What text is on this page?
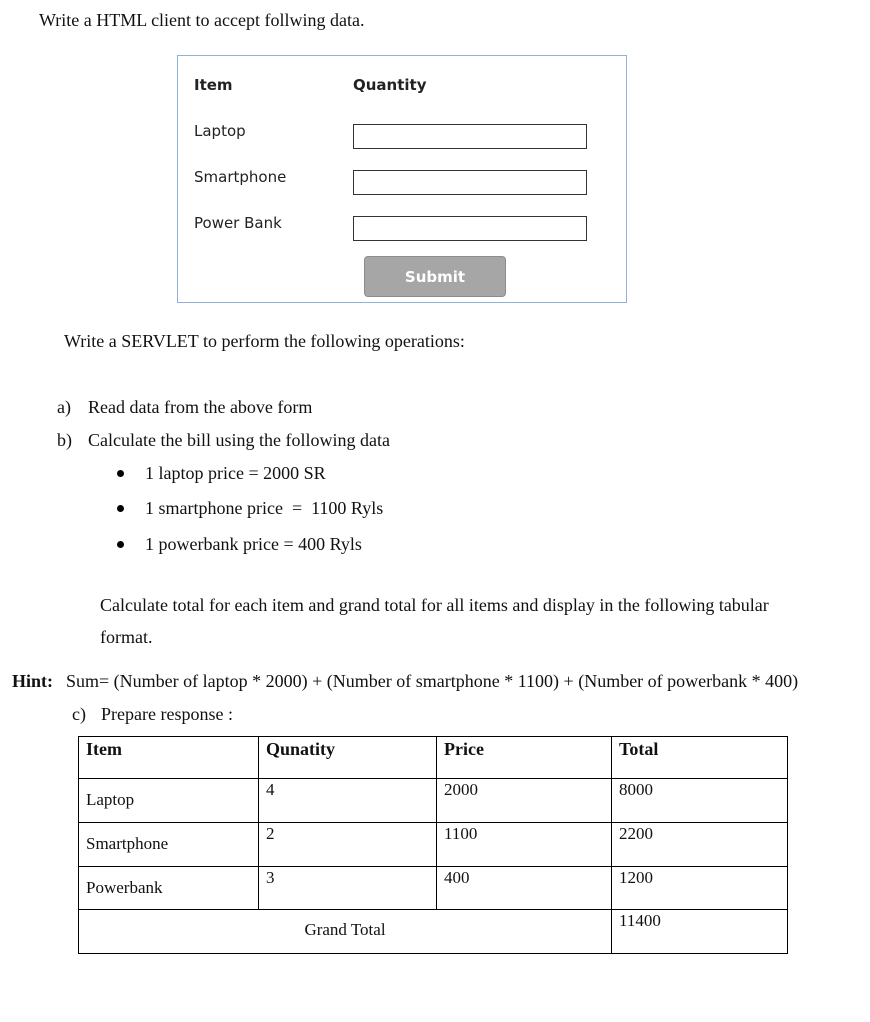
Write a HTML client to accept follwing data.
Item	Quantity
Laptop
Smartphone
Power Bank
Submit
Write a SERVLET to perform the following operations:
a) Read data from the above form
b) Calculate the bill using the following data
1 laptop price = 2000 SR
1 smartphone price  =  1100 Ryls
1 powerbank price = 400 Ryls
Calculate total for each item and grand total for all items and display in the following tabular
format.
Hint: Sum= (Number of laptop * 2000) + (Number of smartphone * 1100) + (Number of powerbank * 400)
c) Prepare response :
Item	Qunatity	Price	Total
Laptop	4	2000	8000
Smartphone	2	1100	2200
Powerbank	3	400	1200
Grand Total			11400
